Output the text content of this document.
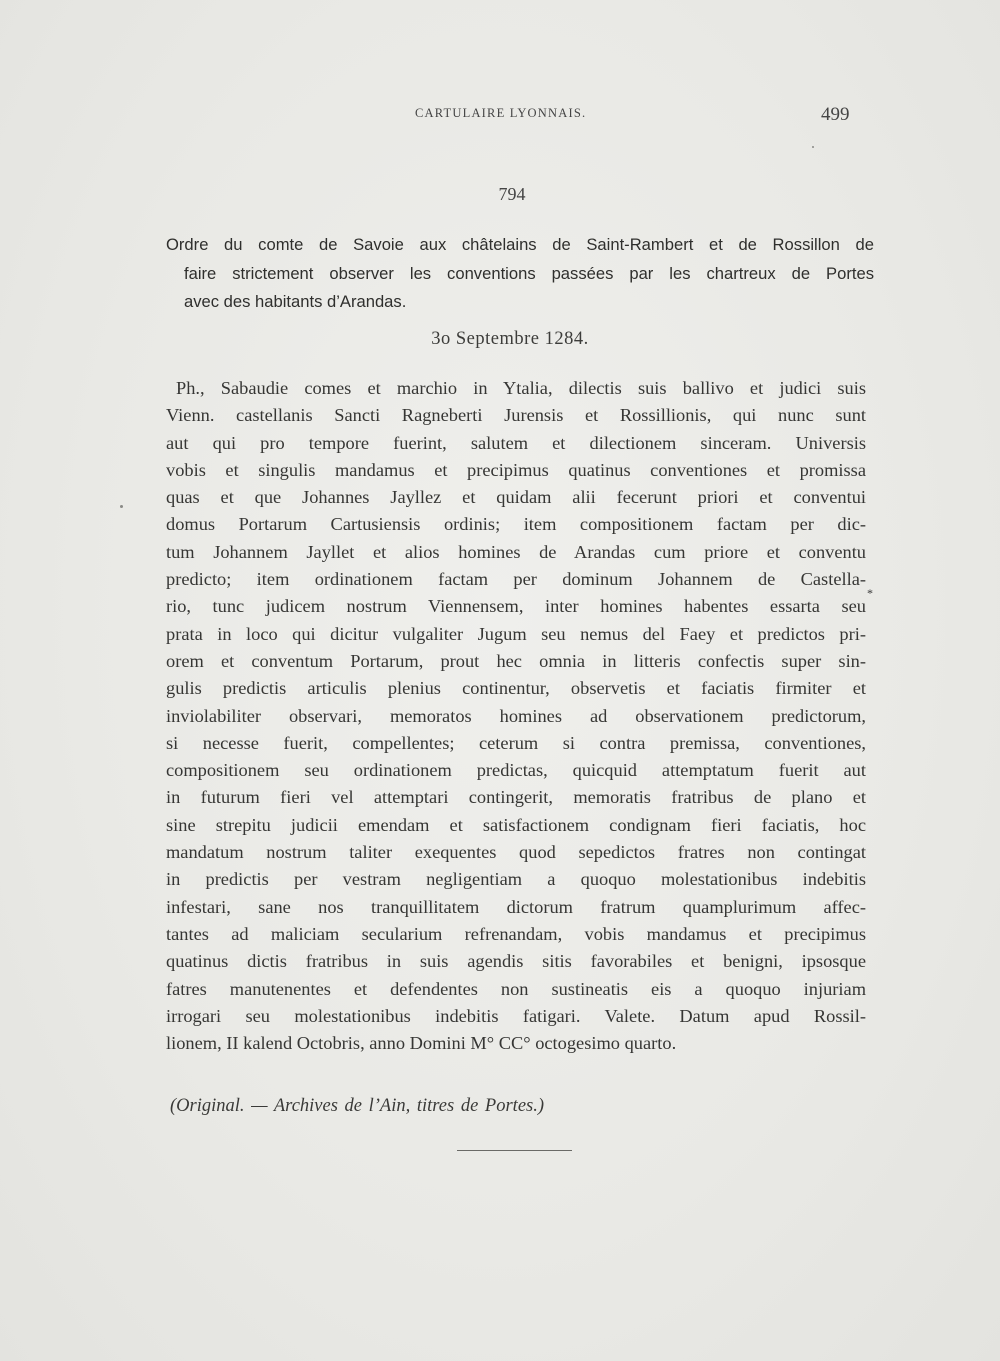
CARTULAIRE LYONNAIS.	499
794
Ordre du comte de Savoie aux châtelains de Saint-Rambert et de Rossillon de
faire strictement observer les conventions passées par les chartreux de Portes
avec des habitants d’Arandas.
3o Septembre 1284.
Ph., Sabaudie comes et marchio in Ytalia, dilectis suis ballivo et judici suis
Vienn. castellanis Sancti Ragneberti Jurensis et Rossillionis, qui nunc sunt
aut qui pro tempore fuerint, salutem et dilectionem sinceram. Universis
vobis et singulis mandamus et precipimus quatinus conventiones et promissa
quas et que Johannes Jayllez et quidam alii fecerunt priori et conventui
domus Portarum Cartusiensis ordinis; item compositionem factam per dic-
tum Johannem Jayllet et alios homines de Arandas cum priore et conventu
predicto; item ordinationem factam per dominum Johannem de Castella-
rio, tunc judicem nostrum Viennensem, inter homines habentes essarta seu
prata in loco qui dicitur vulgaliter Jugum seu nemus del Faey et predictos pri-
orem et conventum Portarum, prout hec omnia in litteris confectis super sin-
gulis predictis articulis plenius continentur, observetis et faciatis firmiter et
inviolabiliter observari, memoratos homines ad observationem predictorum,
si necesse fuerit, compellentes; ceterum si contra premissa, conventiones,
compositionem seu ordinationem predictas, quicquid attemptatum fuerit aut
in futurum fieri vel attemptari contingerit, memoratis fratribus de plano et
sine strepitu judicii emendam et satisfactionem condignam fieri faciatis, hoc
mandatum nostrum taliter exequentes quod sepedictos fratres non contingat
in predictis per vestram negligentiam a quoquo molestationibus indebitis
infestari, sane nos tranquillitatem dictorum fratrum quamplurimum affec-
tantes ad maliciam secularium refrenandam, vobis mandamus et precipimus
quatinus dictis fratribus in suis agendis sitis favorabiles et benigni, ipsosque
fatres manutenentes et defendentes non sustineatis eis a quoquo injuriam
irrogari seu molestationibus indebitis fatigari. Valete. Datum apud Rossil-
lionem, II kalend Octobris, anno Domini M° CC° octogesimo quarto.
*
(Original. — Archives de l’Ain, titres de Portes.)
